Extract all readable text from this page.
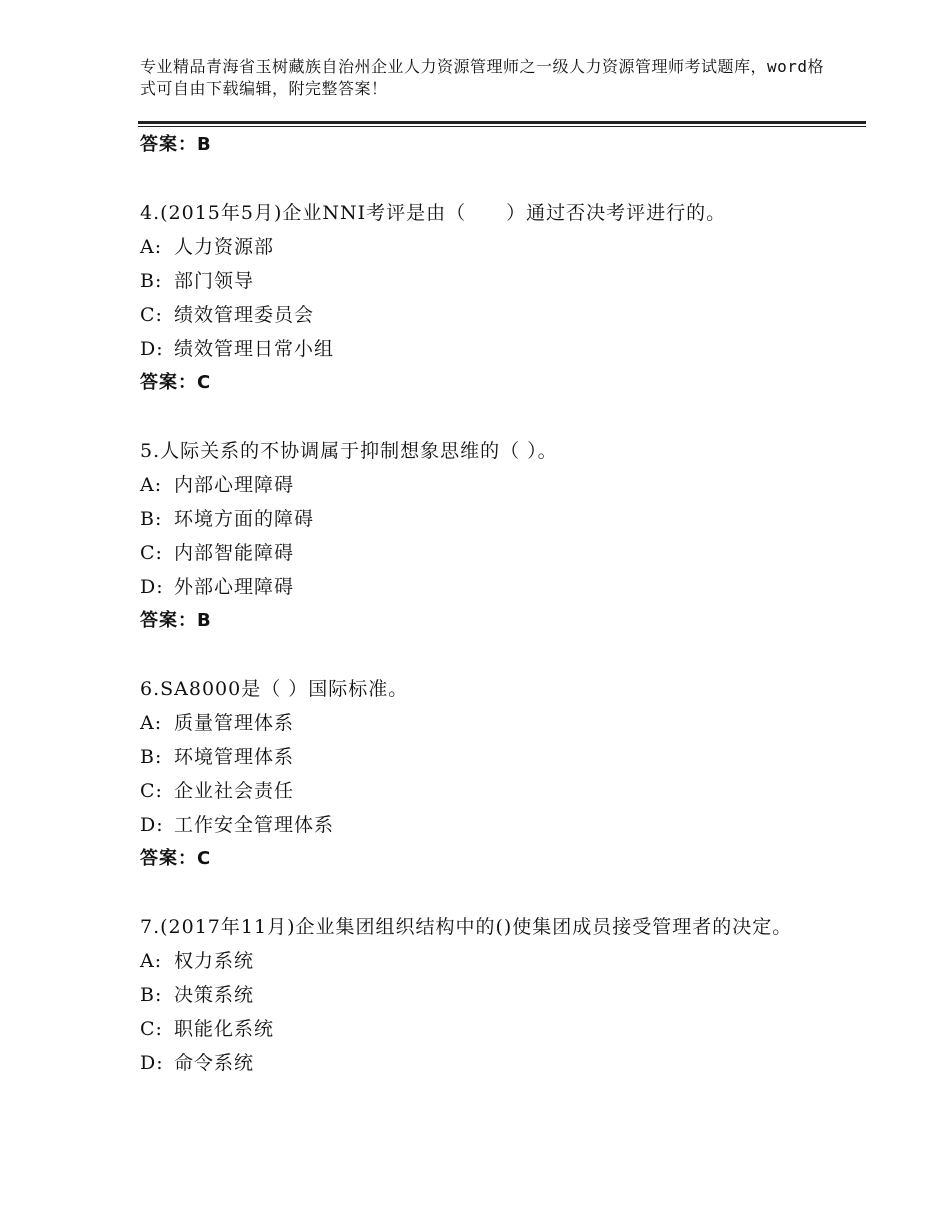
专业精品青海省玉树藏族自治州企业人力资源管理师之一级人力资源管理师考试题库，word格式可自由下载编辑，附完整答案！
答案：B
4.(2015年5月)企业NNI考评是由（　　）通过否决考评进行的。
A: 人力资源部
B: 部门领导
C: 绩效管理委员会
D: 绩效管理日常小组
答案：C
5.人际关系的不协调属于抑制想象思维的（ ）。
A: 内部心理障碍
B: 环境方面的障碍
C: 内部智能障碍
D: 外部心理障碍
答案：B
6.SA8000是（ ）国际标准。
A: 质量管理体系
B: 环境管理体系
C: 企业社会责任
D: 工作安全管理体系
答案：C
7.(2017年11月)企业集团组织结构中的()使集团成员接受管理者的决定。
A: 权力系统
B: 决策系统
C: 职能化系统
D: 命令系统
